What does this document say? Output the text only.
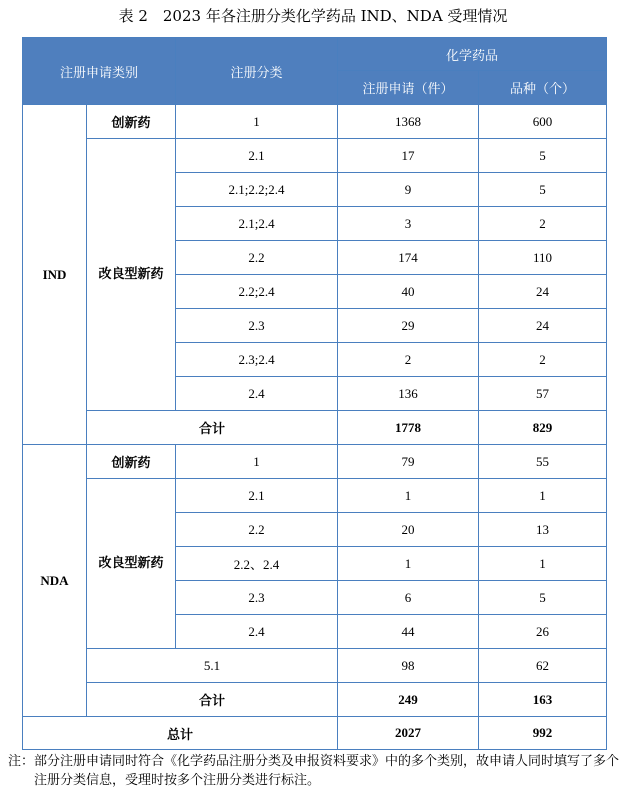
表 2　2023 年各注册分类化学药品 IND、NDA 受理情况
注册申请类别		注册分类	化学药品	
			注册申请（件）	品种（个）
IND	创新药	1	1368	600
	改良型新药	2.1	17	5
		2.1;2.2;2.4	9	5
		2.1;2.4	3	2
		2.2	174	110
		2.2;2.4	40	24
		2.3	29	24
		2.3;2.4	2	2
		2.4	136	57
	合计		1778	829
NDA	创新药	1	79	55
	改良型新药	2.1	1	1
		2.2	20	13
		2.2、2.4	1	1
		2.3	6	5
		2.4	44	26
	5.1		98	62
	合计		249	163
总计			2027	992
注： 部分注册申请同时符合《化学药品注册分类及申报资料要求》中的多个类别，故申请人同时填写了多个注册分类信息，受理时按多个注册分类进行标注。
